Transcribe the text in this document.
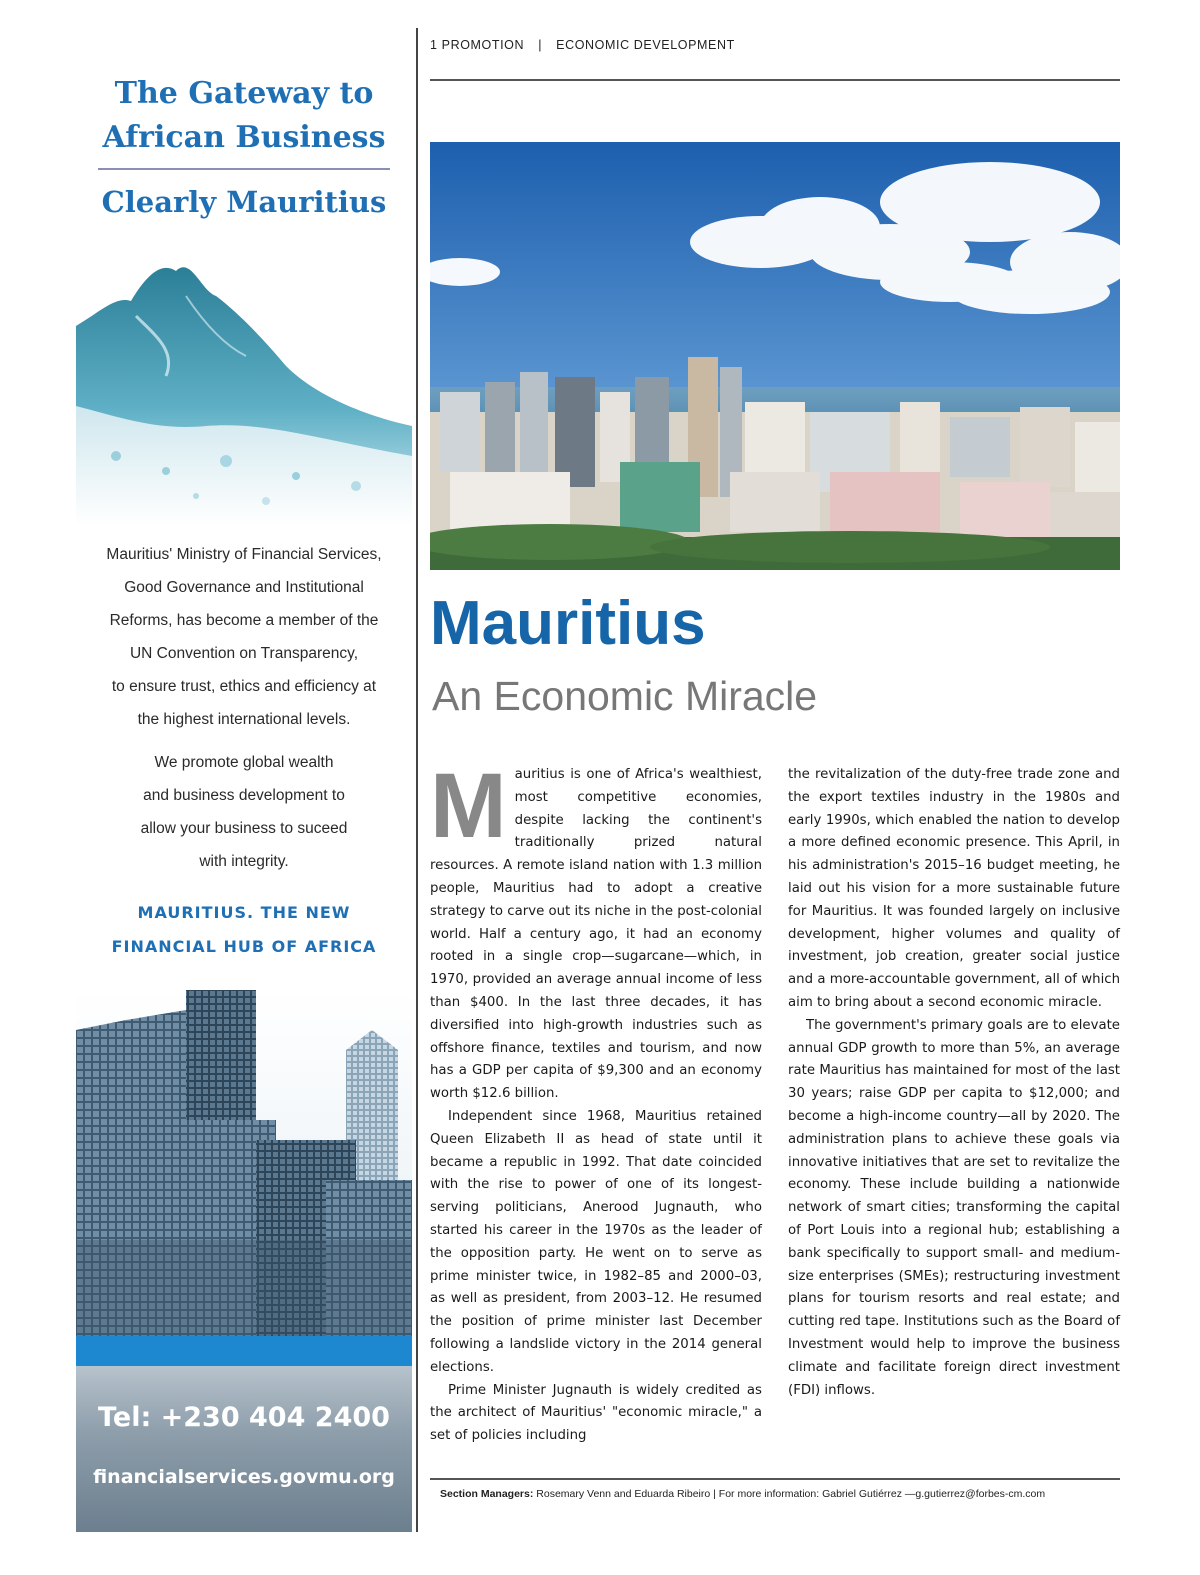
The Gateway to
African Business
Clearly Mauritius

Mauritius' Ministry of Financial Services,
Good Governance and Institutional
Reforms, has become a member of the
UN Convention on Transparency,
to ensure trust, ethics and efficiency at
the highest international levels.

We promote global wealth
and business development to
allow your business to suceed
with integrity.

MAURITIUS. THE NEW
FINANCIAL HUB OF AFRICA
Tel: +230 404 2400
financialservices.govmu.org
1 PROMOTION | ECONOMIC DEVELOPMENT
Mauritius
An Economic Miracle

Mauritius is one of Africa's wealthiest, most competitive economies, despite lacking the continent's traditionally prized natural resources. A remote island nation with 1.3 million people, Mauritius had to adopt a creative strategy to carve out its niche in the post-colonial world. Half a century ago, it had an economy rooted in a single crop—sugarcane—which, in 1970, provided an average annual income of less than $400. In the last three decades, it has diversified into high-growth industries such as offshore finance, textiles and tourism, and now has a GDP per capita of $9,300 and an economy worth $12.6 billion.

Independent since 1968, Mauritius retained Queen Elizabeth II as head of state until it became a republic in 1992. That date coincided with the rise to power of one of its longest-serving politicians, Anerood Jugnauth, who started his career in the 1970s as the leader of the opposition party. He went on to serve as prime minister twice, in 1982–85 and 2000–03, as well as president, from 2003–12. He resumed the position of prime minister last December following a landslide victory in the 2014 general elections.

Prime Minister Jugnauth is widely credited as the architect of Mauritius' "economic miracle," a set of policies including

the revitalization of the duty-free trade zone and the export textiles industry in the 1980s and early 1990s, which enabled the nation to develop a more defined economic presence. This April, in his administration's 2015–16 budget meeting, he laid out his vision for a more sustainable future for Mauritius. It was founded largely on inclusive development, higher volumes and quality of investment, job creation, greater social justice and a more-accountable government, all of which aim to bring about a second economic miracle.

The government's primary goals are to elevate annual GDP growth to more than 5%, an average rate Mauritius has maintained for most of the last 30 years; raise GDP per capita to $12,000; and become a high-income country—all by 2020. The administration plans to achieve these goals via innovative initiatives that are set to revitalize the economy. These include building a nationwide network of smart cities; transforming the capital of Port Louis into a regional hub; establishing a bank specifically to support small- and medium-size enterprises (SMEs); restructuring investment plans for tourism resorts and real estate; and cutting red tape. Institutions such as the Board of Investment would help to improve the business climate and facilitate foreign direct investment (FDI) inflows.

Section Managers: Rosemary Venn and Eduarda Ribeiro | For more information: Gabriel Gutiérrez —g.gutierrez@forbes-cm.com
